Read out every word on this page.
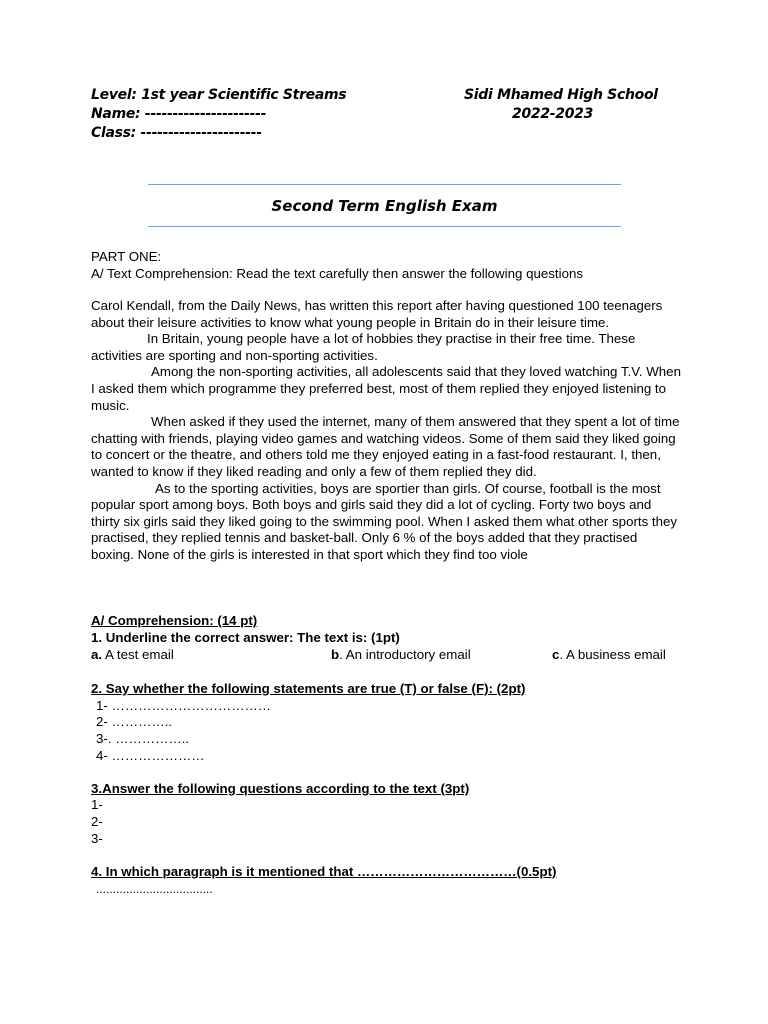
Level: 1st year Scientific Streams
Name: ----------------------
Class: ----------------------
Sidi Mhamed High School
2022-2023
Second Term English Exam
PART ONE:
A/ Text Comprehension: Read the text carefully then answer the following questions

Carol Kendall, from the Daily News, has written this report after having questioned 100 teenagers about their leisure activities to know what young people in Britain do in their leisure time.

In Britain, young people have a lot of hobbies they practise in their free time. These activities are sporting and non-sporting activities.

Among the non-sporting activities, all adolescents said that they loved watching T.V. When I asked them which programme they preferred best, most of them replied they enjoyed listening to music.

When asked if they used the internet, many of them answered that they spent a lot of time chatting with friends, playing video games and watching videos. Some of them said they liked going to concert or the theatre, and others told me they enjoyed eating in a fast-food restaurant. I, then, wanted to know if they liked reading and only a few of them replied they did.

As to the sporting activities, boys are sportier than girls. Of course, football is the most popular sport among boys. Both boys and girls said they did a lot of cycling. Forty two boys and thirty six girls said they liked going to the swimming pool. When I asked them what other sports they practised, they replied tennis and basket-ball. Only 6 % of the boys added that they practised boxing. None of the girls is interested in that sport which they find too viole

A/ Comprehension: (14 pt)
1. Underline the correct answer: The text is: (1pt)
a. A test email	b. An introductory email	c. A business email
2. Say whether the following statements are true (T) or false (F): (2pt)
1- ………………………………
2- …………..
3-. ……………..
4- …………………
3.Answer the following questions according to the text (3pt)
1-
2-
3-
4. In which paragraph is it mentioned that ………………………………(0.5pt)
...................................
